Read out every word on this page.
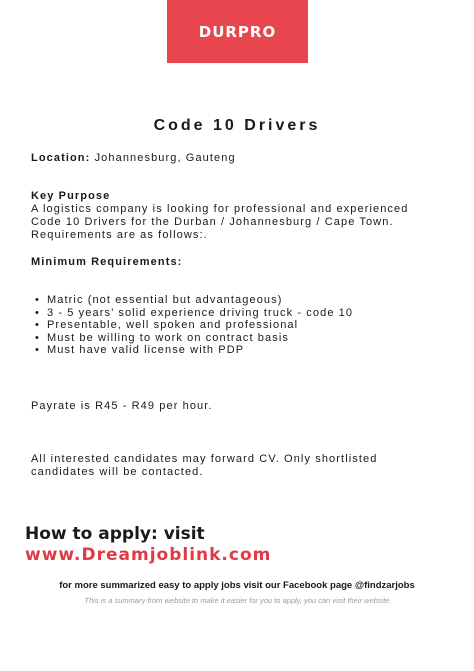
DURPRO
Code 10 Drivers
Location: Johannesburg, Gauteng
Key Purpose
A logistics company is looking for professional and experienced
Code 10 Drivers for the Durban / Johannesburg / Cape Town.
Requirements are as follows:.
Minimum Requirements:
• Matric (not essential but advantageous)
• 3 - 5 years’ solid experience driving truck - code 10
• Presentable, well spoken and professional
• Must be willing to work on contract basis
• Must have valid license with PDP
Payrate is R45 - R49 per hour.
All interested candidates may forward CV. Only shortlisted
candidates will be contacted.
How to apply: visit
www.Dreamjoblink.com
for more summarized easy to apply jobs visit our Facebook page @findzarjobs
This is a summary from website to make it easier for you to apply, you can visit their website
